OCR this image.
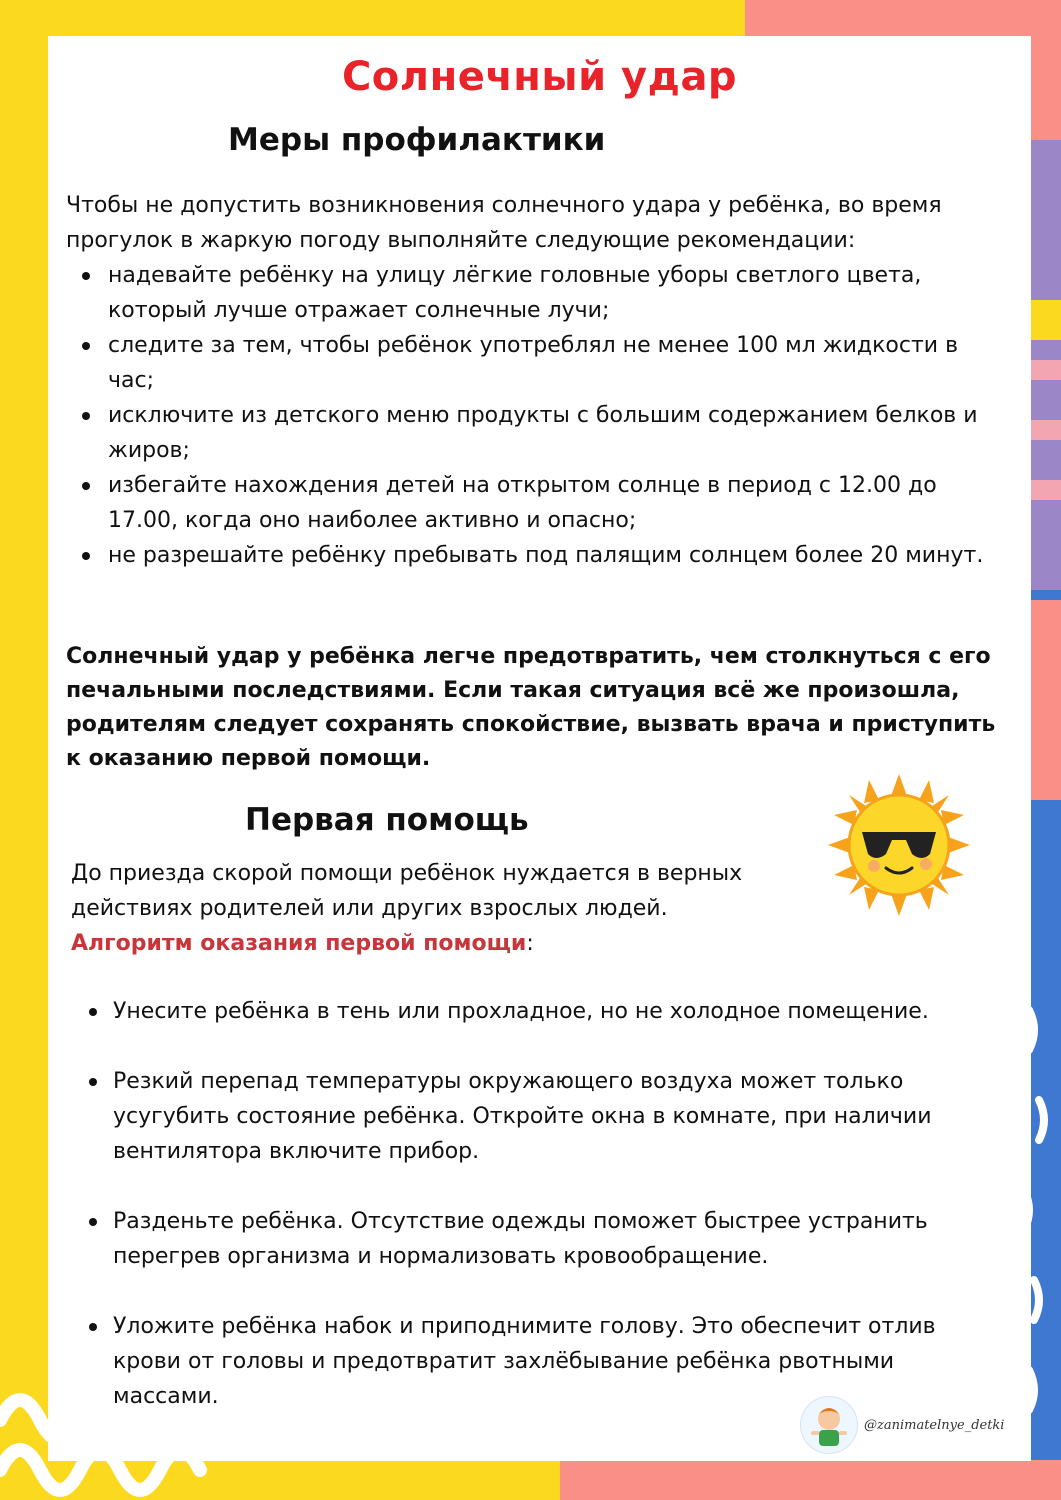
Солнечный удар
Меры профилактики
Чтобы не допустить возникновения солнечного удара у ребёнка, во время прогулок в жаркую погоду выполняйте следующие рекомендации:
надевайте ребёнку на улицу лёгкие головные уборы светлого цвета, который лучше отражает солнечные лучи;
следите за тем, чтобы ребёнок употреблял не менее 100 мл жидкости в час;
исключите из детского меню продукты с большим содержанием белков и жиров;
избегайте нахождения детей на открытом солнце в период с 12.00 до 17.00, когда оно наиболее активно и опасно;
не разрешайте ребёнку пребывать под палящим солнцем более 20 минут.
Солнечный удар у ребёнка легче предотвратить, чем столкнуться с его печальными последствиями. Если такая ситуация всё же произошла, родителям следует сохранять спокойствие, вызвать врача и приступить к оказанию первой помощи.
Первая помощь
До приезда скорой помощи ребёнок нуждается в верных действиях родителей или других взрослых людей.
Алгоритм оказания первой помощи:
Унесите ребёнка в тень или прохладное, но не холодное помещение.
Резкий перепад температуры окружающего воздуха может только усугубить состояние ребёнка. Откройте окна в комнате, при наличии вентилятора включите прибор.
Разденьте ребёнка. Отсутствие одежды поможет быстрее устранить перегрев организма и нормализовать кровообращение.
Уложите ребёнка набок и приподнимите голову. Это обеспечит отлив крови от головы и предотвратит захлёбывание ребёнка рвотными массами.
@zanimatelnye_detki
